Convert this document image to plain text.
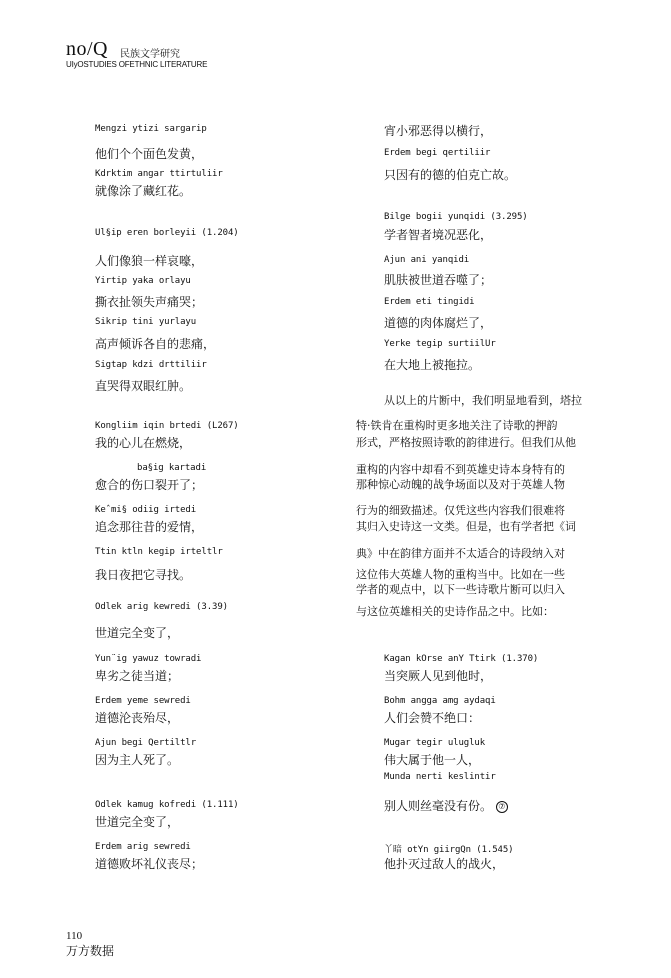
no/Q 民族文学研究
UIyOSTUDIES OFETHNIC LITERATURE
Mengzi ytizi sargarip
他们个个面色发黄，
Kdrktim angar ttirtuliir
就像涂了藏红花。
Ul§ip eren borleyii (1.204)
人们像狼一样哀嚎，
Yirtip yaka orlayu
撕衣扯领失声痛哭；
Sikrip tini yurlayu
高声倾诉各自的悲痛，
Sigtap kdzi drttiliir
直哭得双眼红肿。
Kongliim iqin brtedi (L267)
我的心儿在燃烧，
ba§ig kartadi
愈合的伤口裂开了；
Keˆmi§ odiig irtedi
追念那往昔的爱情，
Ttin ktln kegip irteltlr
我日夜把它寻找。
Odlek arig kewredi (3.39)
世道完全变了，
Yun¨ig yawuz towradi
卑劣之徒当道；
Erdem yeme sewredi
道德沦丧殆尽，
Ajun begi Qertiltlr
因为主人死了。
Odlek kamug kofredi (1.111)
世道完全变了，
Erdem arig sewredi
道德败坏礼仪丧尽；
宵小邪恶得以横行，
Erdem begi qertiliir
只因有的德的伯克亡故。
Bilge bogii yunqidi (3.295)
学者智者境况恶化，
Ajun ani yanqidi
肌肤被世道吞噬了；
Erdem eti tingidi
道德的肉体腐烂了，
Yerke tegip surtiilUr
在大地上被拖拉。
从以上的片断中，我们明显地看到，塔拉
特·铁肯在重构时更多地关注了诗歌的押韵
形式，严格按照诗歌的韵律进行。但我们从他
重构的内容中却看不到英雄史诗本身特有的
那种惊心动魄的战争场面以及对于英雄人物
行为的细致描述。仅凭这些内容我们很难将
其归入史诗这一文类。但是，也有学者把《词
典》中在韵律方面并不太适合的诗段纳入对
这位伟大英雄人物的重构当中。比如在一些
学者的观点中，以下一些诗歌片断可以归入
与这位英雄相关的史诗作品之中。比如：
Kagan kOrse anY Ttirk (1.370)
当突厥人见到他时，
Bohm angga amg aydaqi
人们会赞不绝口：
Mugar tegir ulugluk
伟大属于他一人，
Munda nerti keslintir
别人则丝毫没有份。 ⑦
丫暗 otYn giirgQn (1.545)
他扑灭过敌人的战火，
110
万方数据
